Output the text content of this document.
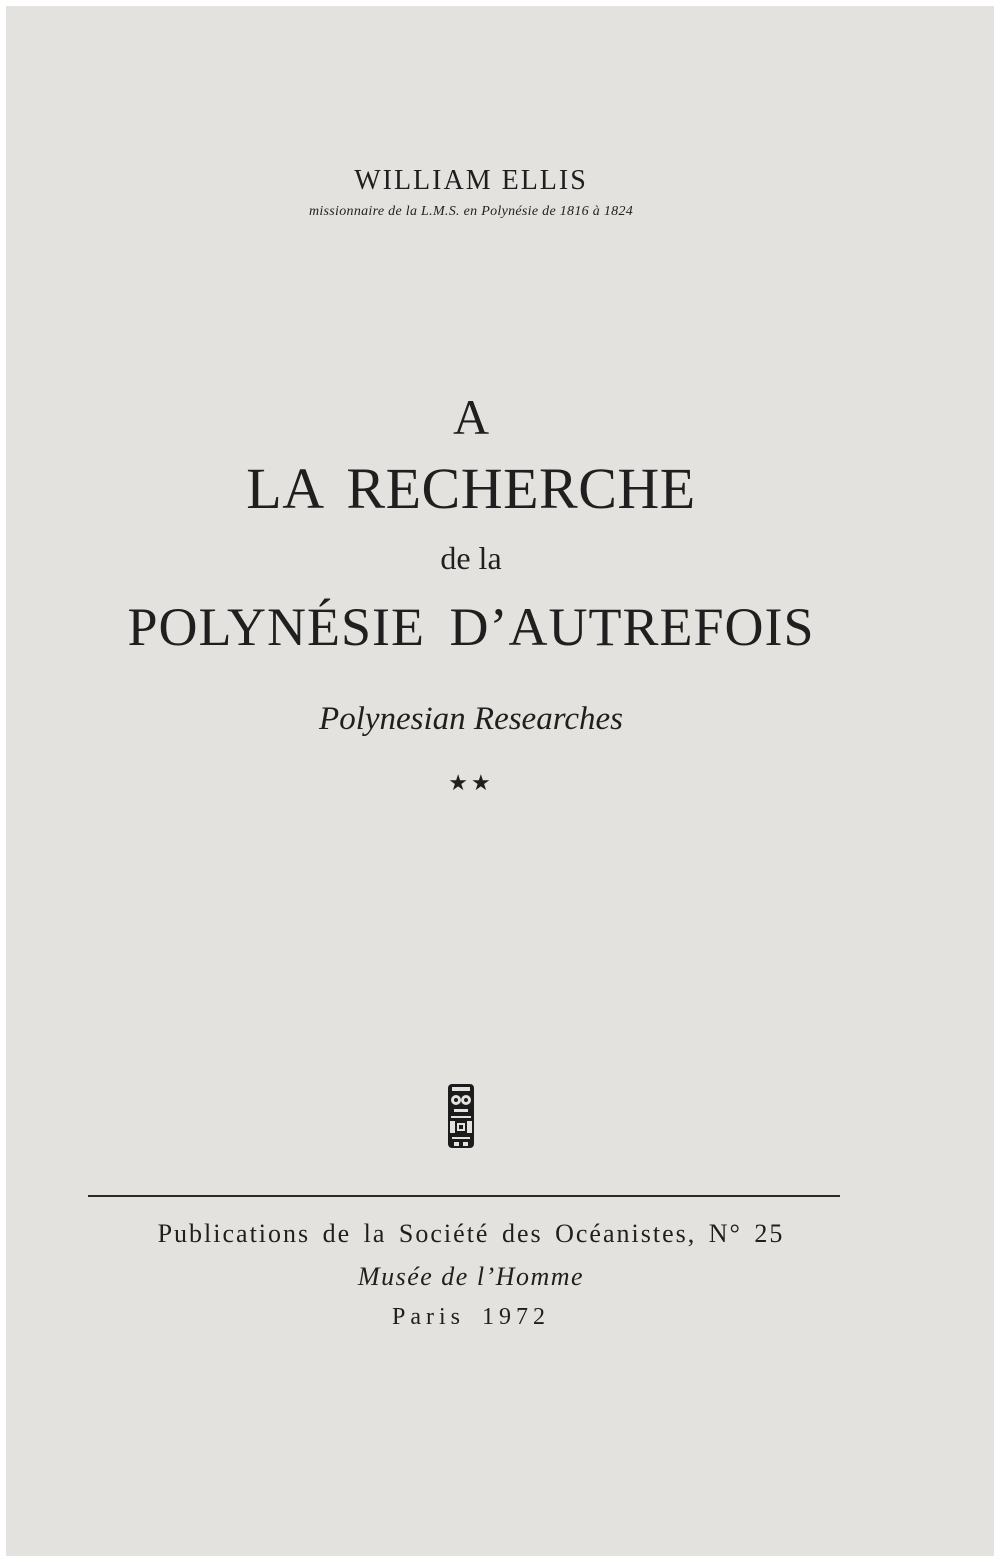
WILLIAM ELLIS

missionnaire de la L.M.S. en Polynésie de 1816 à 1824

A

LA RECHERCHE

de la

POLYNÉSIE D’AUTREFOIS

Polynesian Researches

★★

Publications de la Société des Océanistes, N° 25

Musée de l’Homme

Paris 1972
